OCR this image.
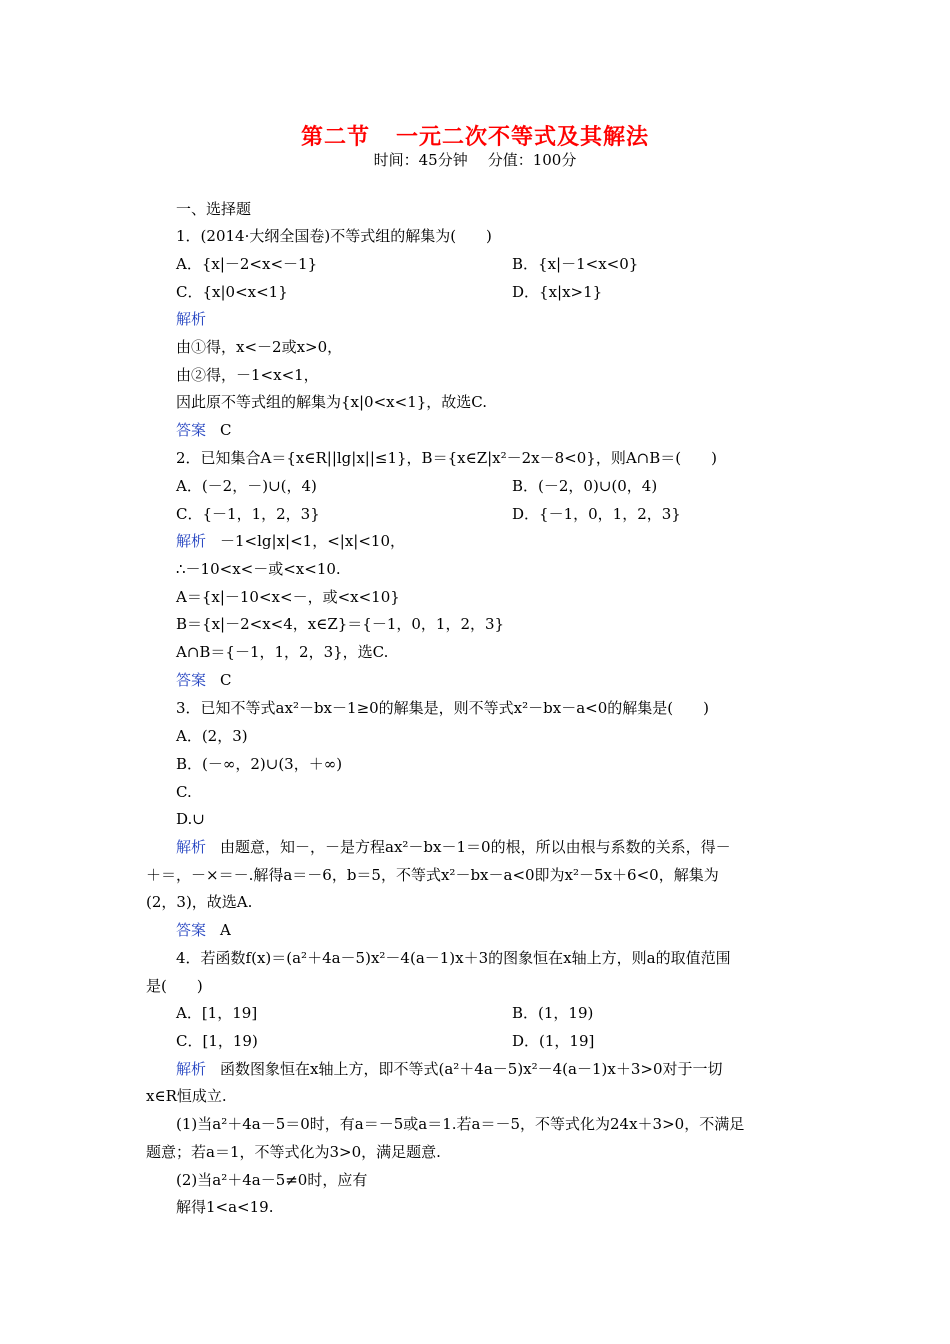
第二节 一元二次不等式及其解法
时间：45分钟 分值：100分
一、选择题
1．(2014·大纲全国卷)不等式组的解集为(　　)
A．{x|－2<x<－1}	B．{x|－1<x<0}
C．{x|0<x<1}	D．{x|x>1}
解析
由①得，x<－2或x>0，
由②得，－1<x<1，
因此原不等式组的解集为{x|0<x<1}，故选C.
答案 C
2．已知集合A＝{x∈R||lg|x||≤1}，B＝{x∈Z|x²－2x－8<0}，则A∩B＝(　　)
A．(－2，－)∪(，4)	B．(－2，0)∪(0，4)
C．{－1，1，2，3}	D．{－1，0，1，2，3}
解析 －1<lg|x|<1，<|x|<10，
∴－10<x<－或<x<10.
A＝{x|－10<x<－，或<x<10}
B＝{x|－2<x<4，x∈Z}＝{－1，0，1，2，3}
A∩B＝{－1，1，2，3}，选C.
答案 C
3．已知不等式ax²－bx－1≥0的解集是，则不等式x²－bx－a<0的解集是(　　)
A．(2，3)
B．(－∞，2)∪(3，＋∞)
C.
D.∪
解析 由题意，知－，－是方程ax²－bx－1＝0的根，所以由根与系数的关系，得－
＋＝，－×＝－.解得a＝－6，b＝5，不等式x²－bx－a<0即为x²－5x＋6<0，解集为
(2，3)，故选A.
答案 A
4．若函数f(x)＝(a²＋4a－5)x²－4(a－1)x＋3的图象恒在x轴上方，则a的取值范围
是(　　)
A．[1，19]	B．(1，19)
C．[1，19)	D．(1，19]
解析 函数图象恒在x轴上方，即不等式(a²＋4a－5)x²－4(a－1)x＋3>0对于一切
x∈R恒成立.
(1)当a²＋4a－5＝0时，有a＝－5或a＝1.若a＝－5，不等式化为24x＋3>0，不满足
题意；若a＝1，不等式化为3>0，满足题意.
(2)当a²＋4a－5≠0时，应有
解得1<a<19.
